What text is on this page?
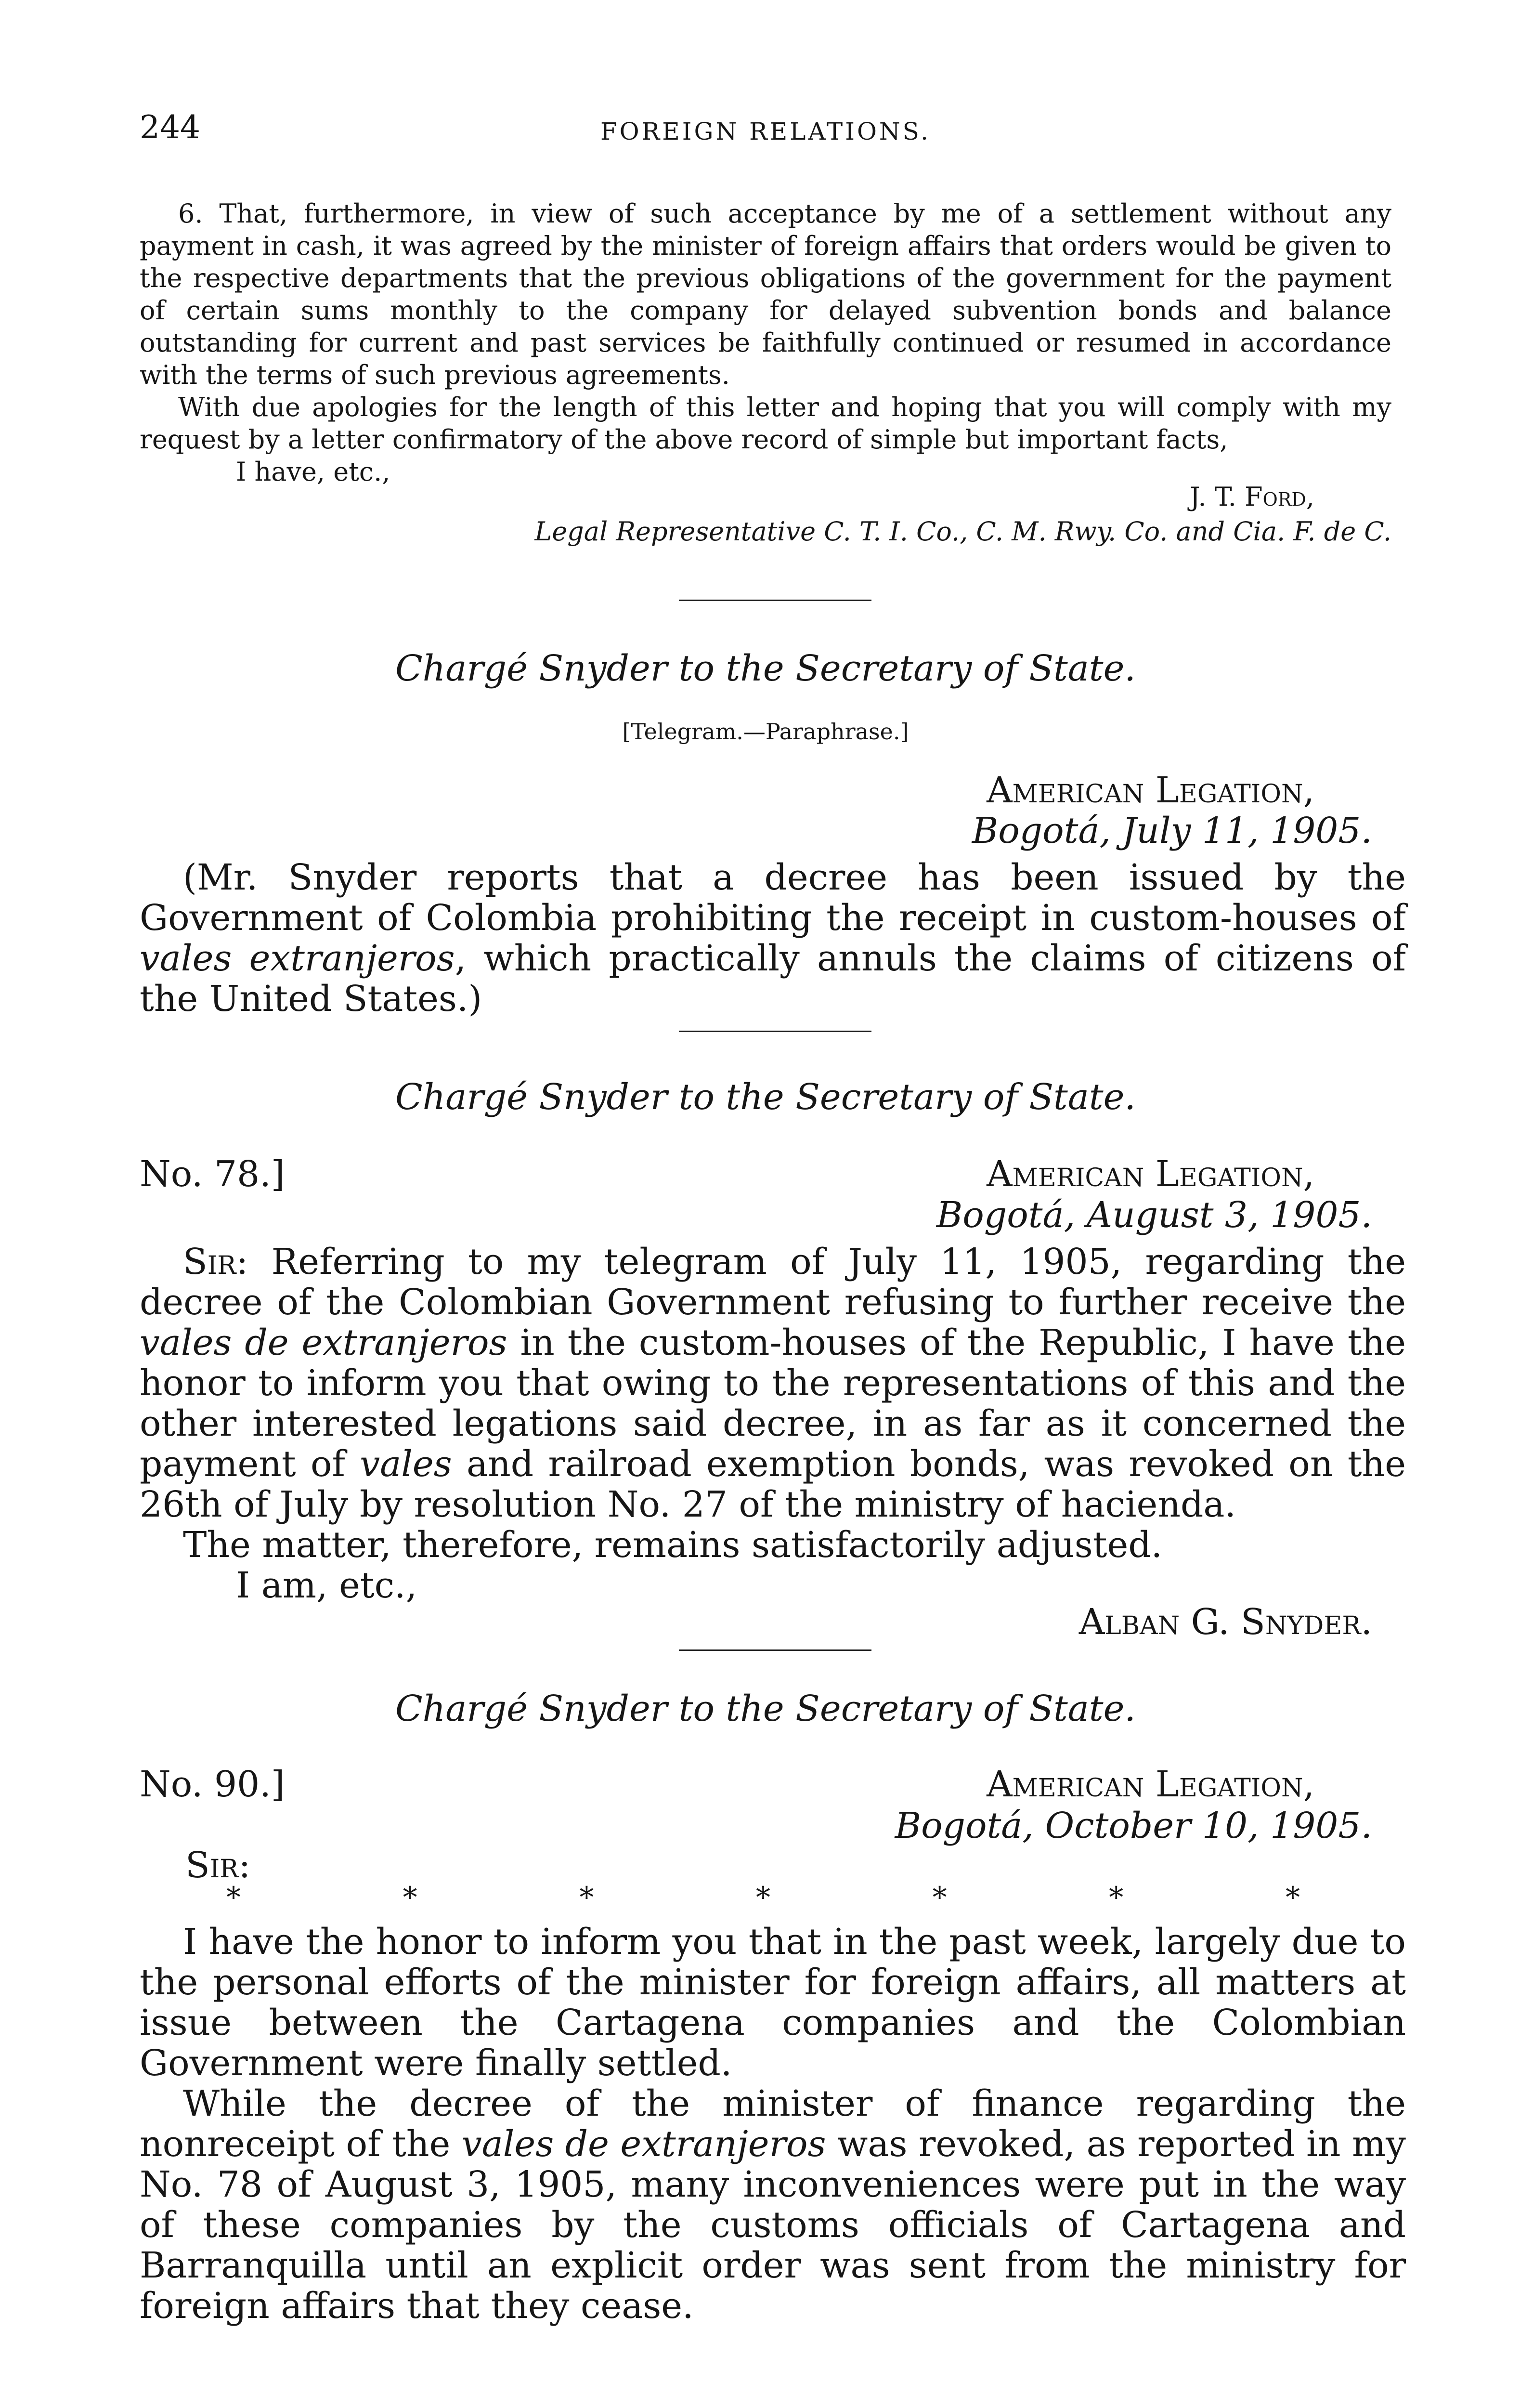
244	FOREIGN RELATIONS.

6. That, furthermore, in view of such acceptance by me of a settlement without any payment in cash, it was agreed by the minister of foreign affairs that orders would be given to the respective departments that the previous obligations of the government for the payment of certain sums monthly to the company for delayed subvention bonds and balance outstanding for current and past services be faithfully continued or resumed in accordance with the terms of such previous agreements.

With due apologies for the length of this letter and hoping that you will comply with my request by a letter confirmatory of the above record of simple but important facts,

I have, etc.,

J. T. Ford,
Legal Representative C. T. I. Co., C. M. Rwy. Co. and Cia. F. de C.
Chargé Snyder to the Secretary of State.
[Telegram.—Paraphrase.]
American Legation,
Bogotá, July 11, 1905.

(Mr. Snyder reports that a decree has been issued by the Government of Colombia prohibiting the receipt in custom-houses of vales extranjeros, which practically annuls the claims of citizens of the United States.)

Chargé Snyder to the Secretary of State.
No. 78.]	American Legation,
Bogotá, August 3, 1905.

Sir: Referring to my telegram of July 11, 1905, regarding the decree of the Colombian Government refusing to further receive the vales de extranjeros in the custom-houses of the Republic, I have the honor to inform you that owing to the representations of this and the other interested legations said decree, in as far as it concerned the payment of vales and railroad exemption bonds, was revoked on the 26th of July by resolution No. 27 of the ministry of hacienda.

The matter, therefore, remains satisfactorily adjusted.

I am, etc.,

Alban G. Snyder.
Chargé Snyder to the Secretary of State.
No. 90.]	American Legation,
Bogotá, October 10, 1905.
Sir:
*	*	*	*	*	*	*

I have the honor to inform you that in the past week, largely due to the personal efforts of the minister for foreign affairs, all matters at issue between the Cartagena companies and the Colombian Government were finally settled.

While the decree of the minister of finance regarding the nonreceipt of the vales de extranjeros was revoked, as reported in my No. 78 of August 3, 1905, many inconveniences were put in the way of these companies by the customs officials of Cartagena and Barranquilla until an explicit order was sent from the ministry for foreign affairs that they cease.
